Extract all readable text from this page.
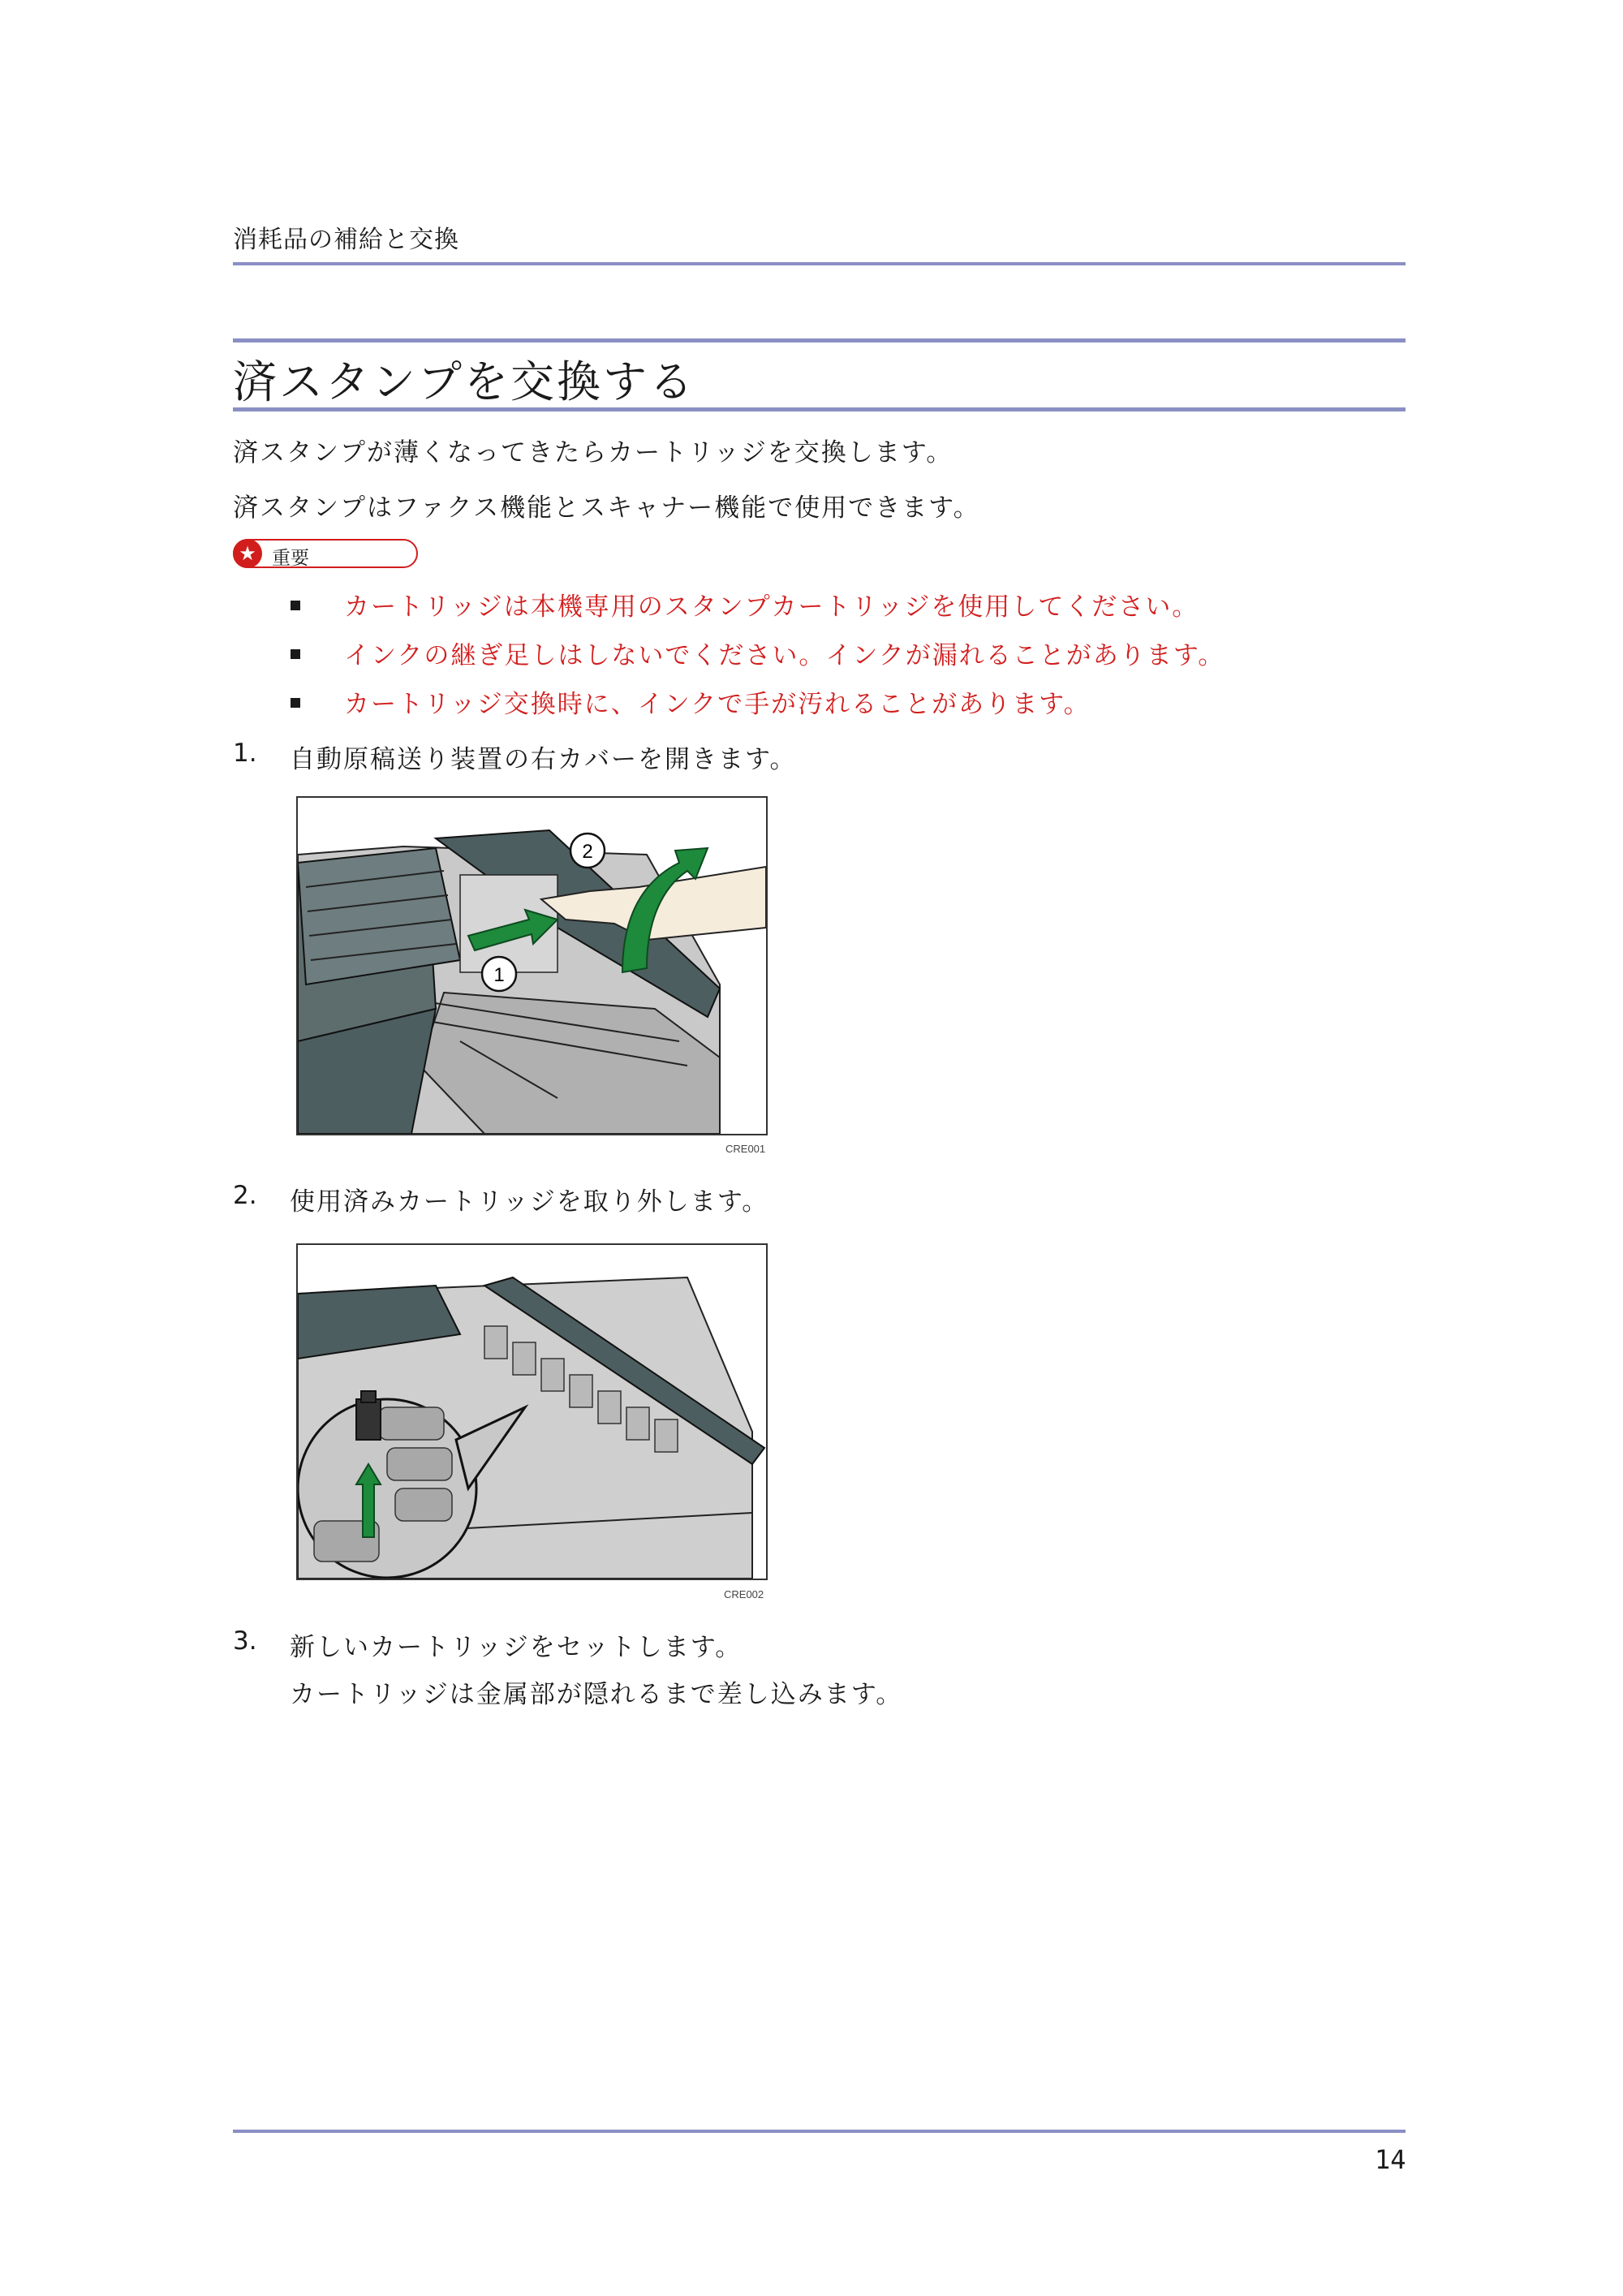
消耗品の補給と交換
済スタンプを交換する
済スタンプが薄くなってきたらカートリッジを交換します。
済スタンプはファクス機能とスキャナー機能で使用できます。
★ 重要
カートリッジは本機専用のスタンプカートリッジを使用してください。
インクの継ぎ足しはしないでください。インクが漏れることがあります。
カートリッジ交換時に、インクで手が汚れることがあります。
1. 自動原稿送り装置の右カバーを開きます。
1
2
CRE001
2. 使用済みカートリッジを取り外します。
CRE002
3. 新しいカートリッジをセットします。
カートリッジは金属部が隠れるまで差し込みます。
14
